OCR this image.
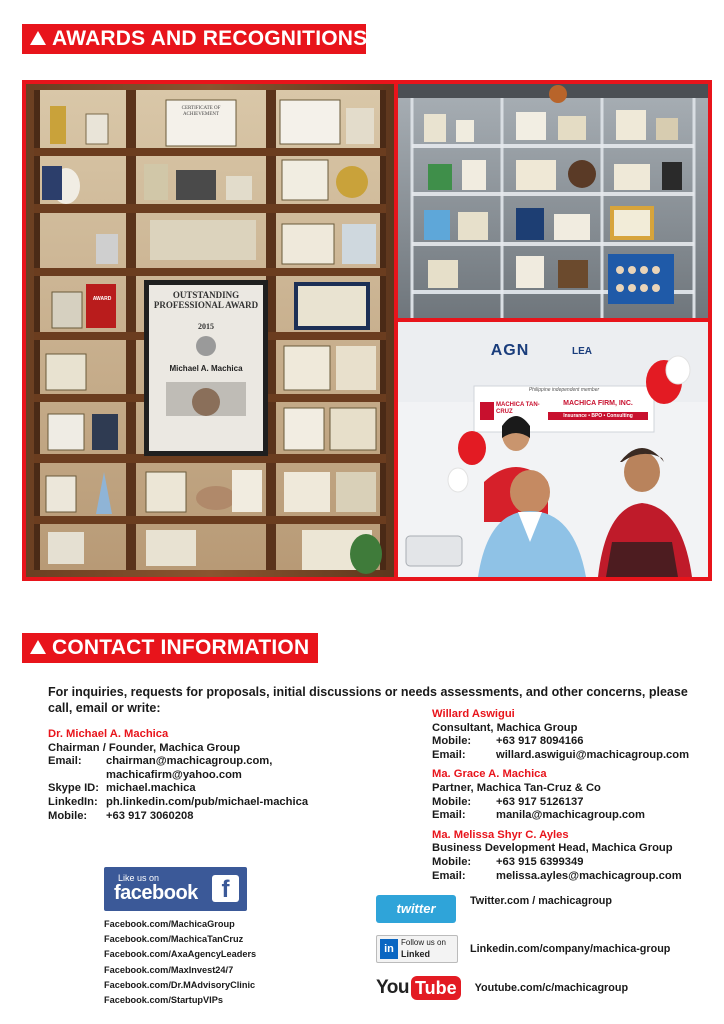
AWARDS AND RECOGNITIONS
CERTIFICATE OF ACHIEVEMENT
OUTSTANDING PROFESSIONAL AWARD
2015
Michael A. Machica
AWARD
AGN	LEA
Philippine independent member
MACHICA TAN-CRUZ
MACHICA FIRM, INC.
Insurance • BPO • Consulting
CONTACT INFORMATION
For inquiries, requests for proposals, initial discussions or needs assessments, and other concerns, please call, email or write:
Dr. Michael A. Machica
Chairman / Founder, Machica Group
Email:	chairman@machicagroup.com,
machicafirm@yahoo.com
Skype ID: michael.machica
LinkedIn: ph.linkedin.com/pub/michael-machica
Mobile:	+63 917 3060208
Willard Aswigui
Consultant, Machica Group
Mobile:	+63 917 8094166
Email:	willard.aswigui@machicagroup.com
Ma. Grace A. Machica
Partner, Machica Tan-Cruz & Co
Mobile:	+63 917 5126137
Email:	manila@machicagroup.com
Ma. Melissa Shyr C. Ayles
Business Development Head, Machica Group
Mobile:	+63 915 6399349
Email:	melissa.ayles@machicagroup.com
Like us on
facebook f
Facebook.com/MachicaGroup
Facebook.com/MachicaTanCruz
Facebook.com/AxaAgencyLeaders
Facebook.com/MaxInvest24/7
Facebook.com/Dr.MAdvisoryClinic
Facebook.com/StartupVIPs
twitter	Twitter.com / machicagroup
in
Follow us on
Linked	Linkedin.com/company/machica-group
You Tube	Youtube.com/c/machicagroup
